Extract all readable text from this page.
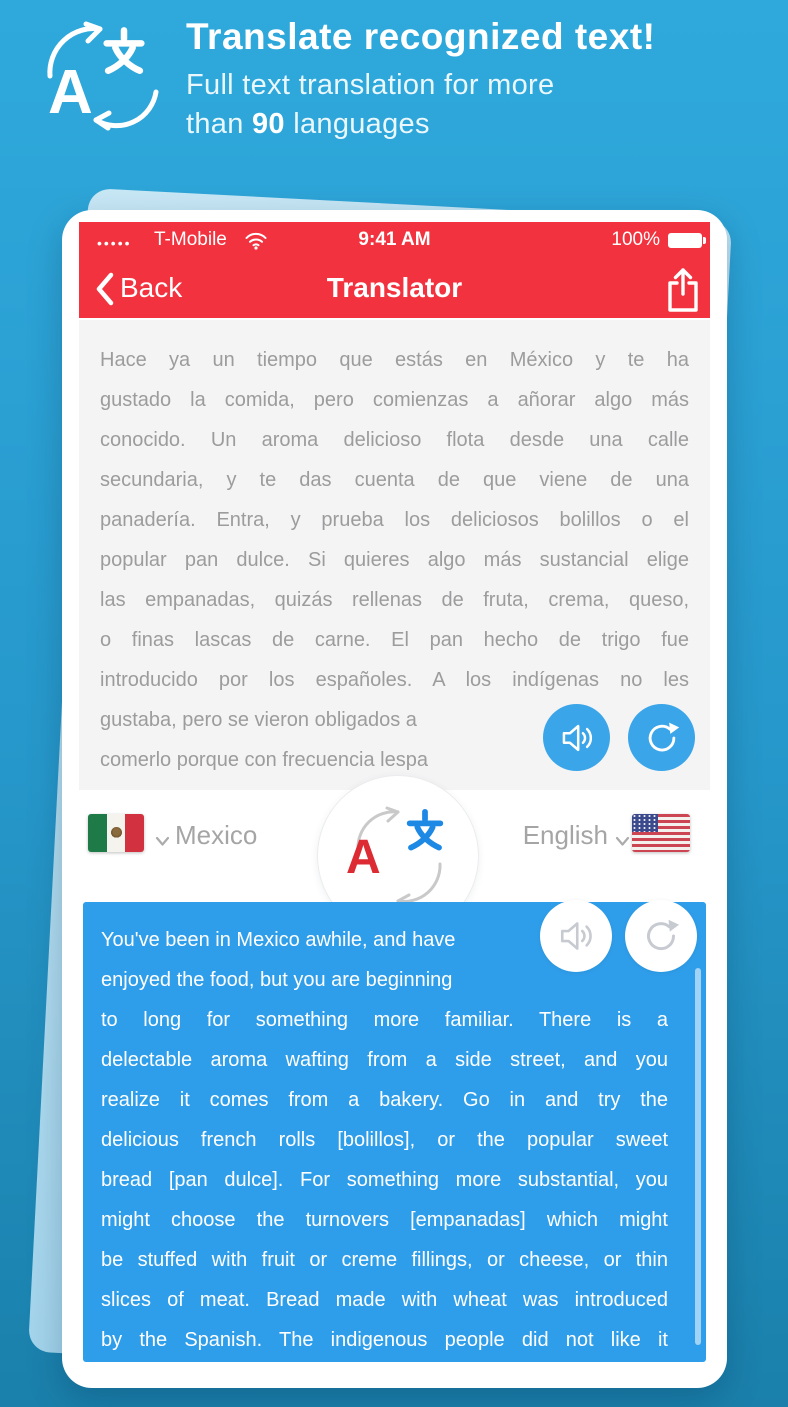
A
Translate recognized text!
Full text translation for more
than 90 languages
••••• T-Mobile	9:41 AM	100%
Back	Translator
Hace ya un tiempo que estás en México y te ha
gustado la comida, pero comienzas a añorar algo más
conocido. Un aroma delicioso flota desde una calle
secundaria, y te das cuenta de que viene de una
panadería. Entra, y prueba los deliciosos bolillos o el
popular pan dulce. Si quieres algo más sustancial elige
las empanadas, quizás rellenas de fruta, crema, queso,
o finas lascas de carne. El pan hecho de trigo fue
introducido por los españoles. A los indígenas no les
gustaba, pero se vieron obligados a
comerlo porque con frecuencia lespa
Mexico	English
A
You've been in Mexico awhile, and have
enjoyed the food, but you are beginning
to long for something more familiar. There is a
delectable aroma wafting from a side street, and you
realize it comes from a bakery. Go in and try the
delicious french rolls [bolillos], or the popular sweet
bread [pan dulce]. For something more substantial, you
might choose the turnovers [empanadas] which might
be stuffed with fruit or creme fillings, or cheese, or thin
slices of meat. Bread made with wheat was introduced
by the Spanish. The indigenous people did not like it
